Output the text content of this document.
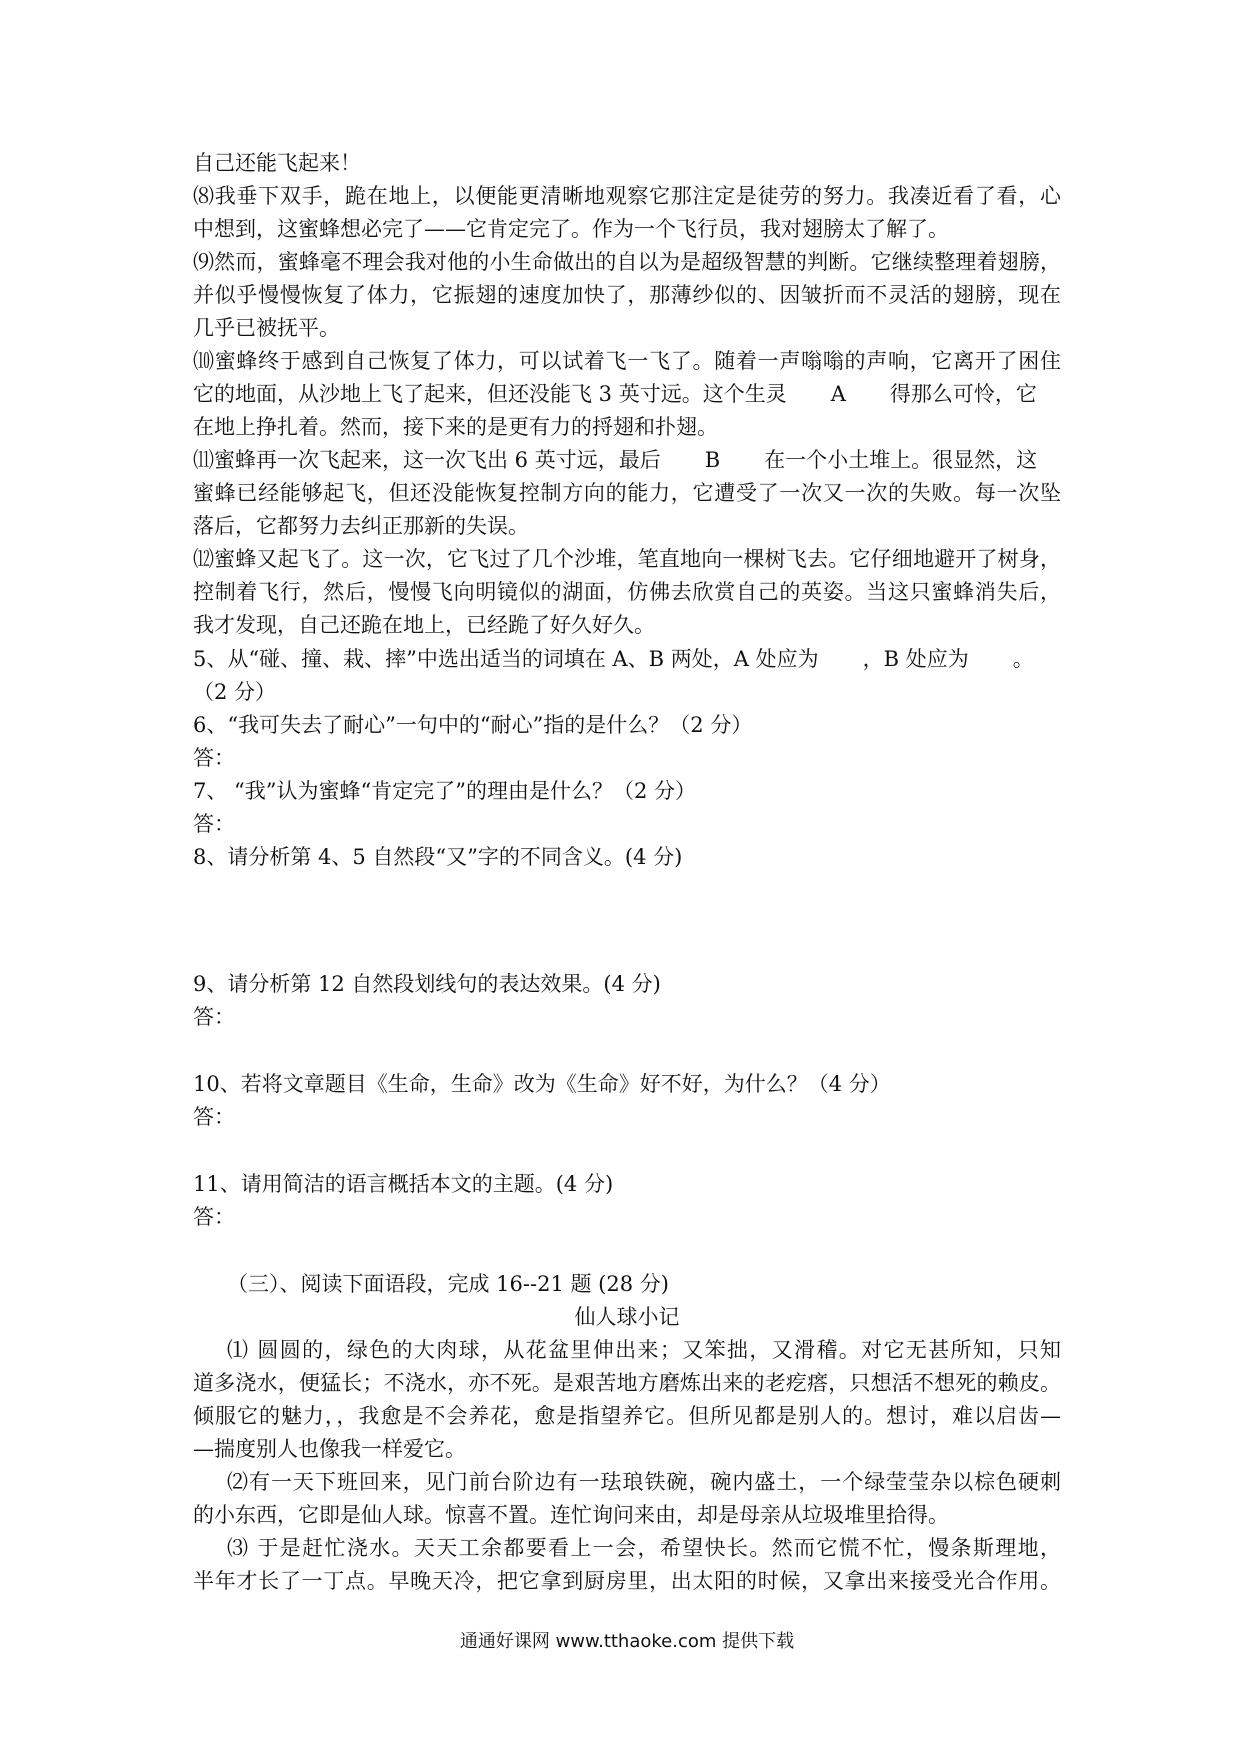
自己还能飞起来！
⑻我垂下双手，跪在地上，以便能更清晰地观察它那注定是徒劳的努力。我凑近看了看，心
中想到，这蜜蜂想必完了——它肯定完了。作为一个飞行员，我对翅膀太了解了。
⑼然而，蜜蜂毫不理会我对他的小生命做出的自以为是超级智慧的判断。它继续整理着翅膀，
并似乎慢慢恢复了体力，它振翅的速度加快了，那薄纱似的、因皱折而不灵活的翅膀，现在
几乎已被抚平。
⑽蜜蜂终于感到自己恢复了体力，可以试着飞一飞了。随着一声嗡嗡的声响，它离开了困住
它的地面，从沙地上飞了起来，但还没能飞 3 英寸远。这个生灵 A 得那么可怜，它
在地上挣扎着。然而，接下来的是更有力的捋翅和扑翅。
⑾蜜蜂再一次飞起来，这一次飞出 6 英寸远，最后 B 在一个小土堆上。很显然，这
蜜蜂已经能够起飞，但还没能恢复控制方向的能力，它遭受了一次又一次的失败。每一次坠
落后，它都努力去纠正那新的失误。
⑿蜜蜂又起飞了。这一次，它飞过了几个沙堆，笔直地向一棵树飞去。它仔细地避开了树身，
控制着飞行，然后，慢慢飞向明镜似的湖面，仿佛去欣赏自己的英姿。当这只蜜蜂消失后，
我才发现，自己还跪在地上，已经跪了好久好久。
5、从“碰、撞、栽、摔”中选出适当的词填在 A、B 两处，A 处应为 ，B 处应为 。
（2 分）
6、“我可失去了耐心”一句中的“耐心”指的是什么？（2 分）
答：
7、 “我”认为蜜蜂“肯定完了”的理由是什么？（2 分）
答：
8、请分析第 4、5 自然段“又”字的不同含义。(4 分)
9、请分析第 12 自然段划线句的表达效果。(4 分)
答：
10、若将文章题目《生命，生命》改为《生命》好不好，为什么？（4 分）
答：
11、请用简洁的语言概括本文的主题。(4 分)
答：
（三）、阅读下面语段，完成 16--21 题 (28 分)
仙人球小记
⑴ 圆圆的，绿色的大肉球，从花盆里伸出来；又笨拙，又滑稽。对它无甚所知，只知
道多浇水，便猛长；不浇水，亦不死。是艰苦地方磨炼出来的老疙瘩，只想活不想死的赖皮。
倾服它的魅力，，我愈是不会养花，愈是指望养它。但所见都是别人的。想讨，难以启齿—
—揣度别人也像我一样爱它。
⑵有一天下班回来，见门前台阶边有一珐琅铁碗，碗内盛土，一个绿莹莹杂以棕色硬刺
的小东西，它即是仙人球。惊喜不置。连忙询问来由，却是母亲从垃圾堆里拾得。
⑶ 于是赶忙浇水。天天工余都要看上一会，希望快长。然而它慌不忙，慢条斯理地，
半年才长了一丁点。早晚天冷，把它拿到厨房里，出太阳的时候，又拿出来接受光合作用。
通通好课网 www.tthaoke.com 提供下载
